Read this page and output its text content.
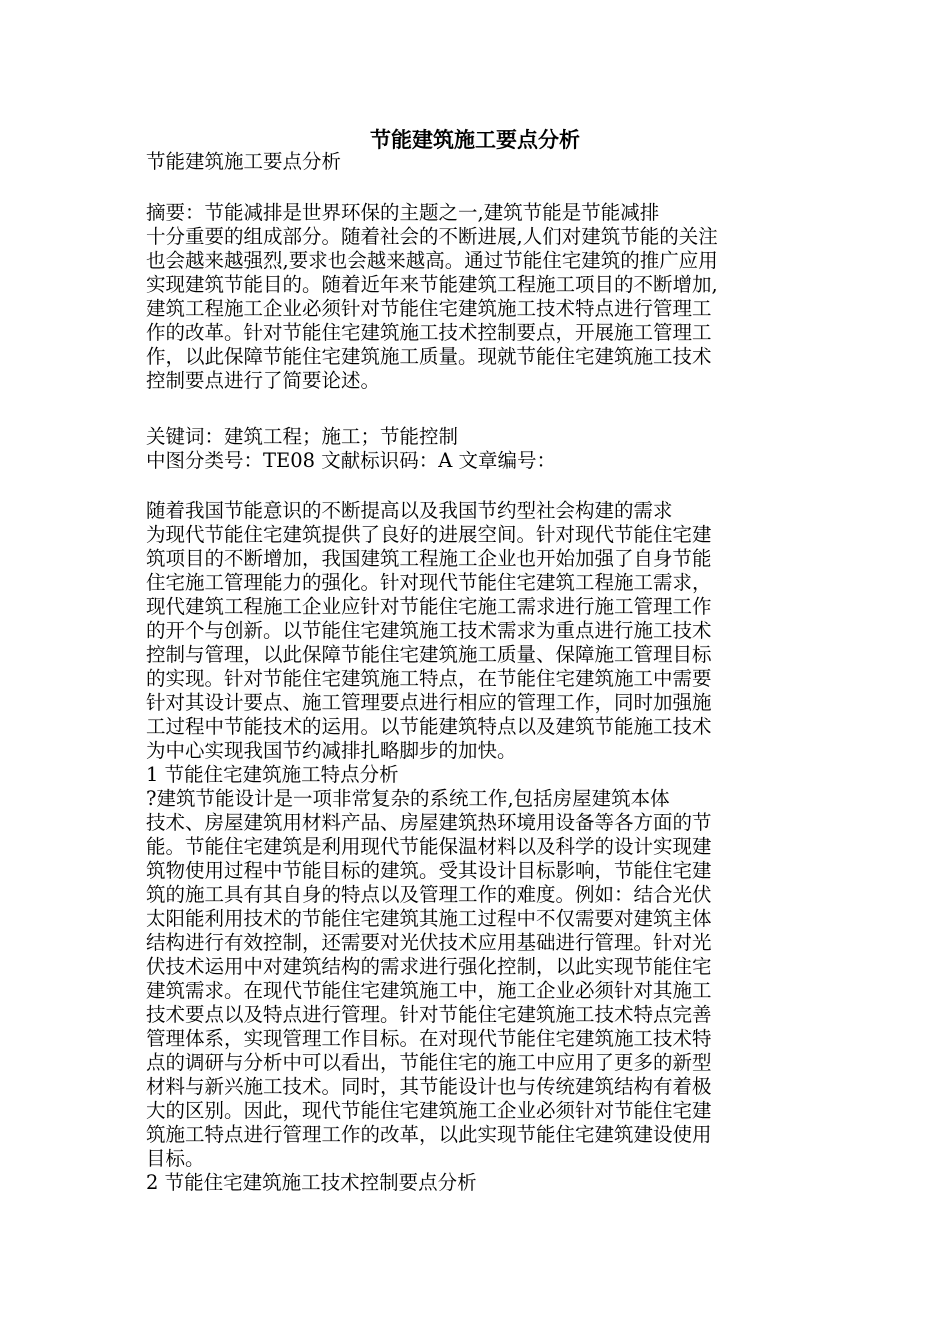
节能建筑施工要点分析
节能建筑施工要点分析
摘要：节能减排是世界环保的主题之一,建筑节能是节能减排
十分重要的组成部分。随着社会的不断进展,人们对建筑节能的关注
也会越来越强烈,要求也会越来越高。通过节能住宅建筑的推广应用
实现建筑节能目的。随着近年来节能建筑工程施工项目的不断增加,
建筑工程施工企业必须针对节能住宅建筑施工技术特点进行管理工
作的改革。针对节能住宅建筑施工技术控制要点，开展施工管理工
作，以此保障节能住宅建筑施工质量。现就节能住宅建筑施工技术
控制要点进行了简要论述。
关键词：建筑工程；施工；节能控制
中图分类号：TE08 文献标识码：A 文章编号：
随着我国节能意识的不断提高以及我国节约型社会构建的需求
为现代节能住宅建筑提供了良好的进展空间。针对现代节能住宅建
筑项目的不断增加，我国建筑工程施工企业也开始加强了自身节能
住宅施工管理能力的强化。针对现代节能住宅建筑工程施工需求，
现代建筑工程施工企业应针对节能住宅施工需求进行施工管理工作
的开个与创新。以节能住宅建筑施工技术需求为重点进行施工技术
控制与管理，以此保障节能住宅建筑施工质量、保障施工管理目标
的实现。针对节能住宅建筑施工特点，在节能住宅建筑施工中需要
针对其设计要点、施工管理要点进行相应的管理工作，同时加强施
工过程中节能技术的运用。以节能建筑特点以及建筑节能施工技术
为中心实现我国节约减排扎略脚步的加快。
1 节能住宅建筑施工特点分析
?建筑节能设计是一项非常复杂的系统工作,包括房屋建筑本体
技术、房屋建筑用材料产品、房屋建筑热环境用设备等各方面的节
能。节能住宅建筑是利用现代节能保温材料以及科学的设计实现建
筑物使用过程中节能目标的建筑。受其设计目标影响，节能住宅建
筑的施工具有其自身的特点以及管理工作的难度。例如：结合光伏
太阳能利用技术的节能住宅建筑其施工过程中不仅需要对建筑主体
结构进行有效控制，还需要对光伏技术应用基础进行管理。针对光
伏技术运用中对建筑结构的需求进行强化控制，以此实现节能住宅
建筑需求。在现代节能住宅建筑施工中，施工企业必须针对其施工
技术要点以及特点进行管理。针对节能住宅建筑施工技术特点完善
管理体系，实现管理工作目标。在对现代节能住宅建筑施工技术特
点的调研与分析中可以看出，节能住宅的施工中应用了更多的新型
材料与新兴施工技术。同时，其节能设计也与传统建筑结构有着极
大的区别。因此，现代节能住宅建筑施工企业必须针对节能住宅建
筑施工特点进行管理工作的改革，以此实现节能住宅建筑建设使用
目标。
2 节能住宅建筑施工技术控制要点分析
